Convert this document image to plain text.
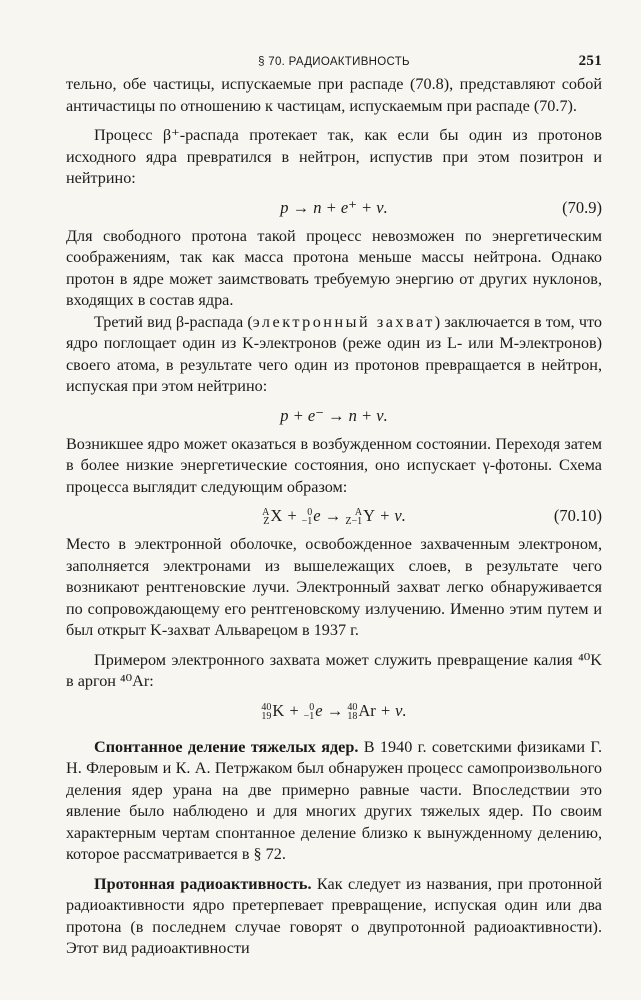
§ 70. РАДИОАКТИВНОСТЬ	251

тельно, обе частицы, испускаемые при распаде (70.8), представляют собой античастицы по отношению к частицам, испускаемым при распаде (70.7).

Процесс β⁺-распада протекает так, как если бы один из протонов исходного ядра превратился в нейтрон, испустив при этом позитрон и нейтрино:

p → n + e⁺ + ν.	(70.9)

Для свободного протона такой процесс невозможен по энергетическим соображениям, так как масса протона меньше массы нейтрона. Однако протон в ядре может заимствовать требуемую энергию от других нуклонов, входящих в состав ядра.

Третий вид β-распада (электронный захват) заключается в том, что ядро поглощает один из K-электронов (реже один из L- или M-электронов) своего атома, в результате чего один из протонов превращается в нейтрон, испуская при этом нейтрино:

p + e⁻ → n + ν.

Возникшее ядро может оказаться в возбужденном состоянии. Переходя затем в более низкие энергетические состояния, оно испускает γ-фотоны. Схема процесса выглядит следующим образом:

A
Z X + 0
−1 e → A
Z−1 Y + ν.	(70.10)

Место в электронной оболочке, освобожденное захваченным электроном, заполняется электронами из вышележащих слоев, в результате чего возникают рентгеновские лучи. Электронный захват легко обнаруживается по сопровождающему его рентгеновскому излучению. Именно этим путем и был открыт K-захват Альварецом в 1937 г.

Примером электронного захвата может служить превращение калия ⁴⁰K в аргон ⁴⁰Ar:

40
19 K + 0
−1 e → 40
18 Ar + ν.

Спонтанное деление тяжелых ядер. В 1940 г. советскими физиками Г. Н. Флеровым и К. А. Петржаком был обнаружен процесс самопроизвольного деления ядер урана на две примерно равные части. Впоследствии это явление было наблюдено и для многих других тяжелых ядер. По своим характерным чертам спонтанное деление близко к вынужденному делению, которое рассматривается в § 72.

Протонная радиоактивность. Как следует из названия, при протонной радиоактивности ядро претерпевает превращение, испуская один или два протона (в последнем случае говорят о двупротонной радиоактивности). Этот вид радиоактивности
